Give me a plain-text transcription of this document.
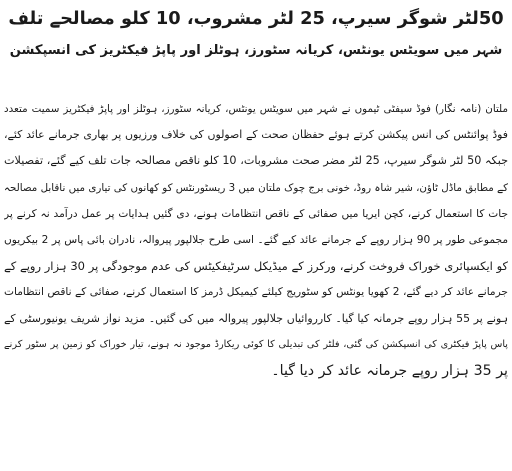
50لٹر شوگر سیرپ، 25 لٹر مشروب، 10 کلو مصالحے تلف
شہر میں سویٹس یونٹس، کریانہ سٹورز، ہوٹلز اور پاپڑ فیکٹریز کی انسپکشن
ملتان (نامہ نگار) فوڈ سیفٹی ٹیموں نے شہر میں سویٹس یونٹس، کریانہ سٹورز، ہوٹلز اور پاپڑ فیکٹریز سمیت متعدد
فوڈ پوائنٹس کی انس پیکشن کرتے ہوئے حفظان صحت کے اصولوں کی خلاف ورزیوں پر بھاری جرمانے عائد کئے،
جبکہ 50 لٹر شوگر سیرپ، 25 لٹر مضر صحت مشروبات، 10 کلو ناقص مصالحہ جات تلف کیے گئے، تفصیلات
کے مطابق ماڈل ٹاؤن، شیر شاہ روڈ، خونی برج چوک ملتان میں 3 ریسٹورنٹس کو کھانوں کی تیاری میں ناقابل مصالحہ
جات کا استعمال کرنے، کچن ایریا میں صفائی کے ناقص انتظامات ہونے، دی گئیں ہدایات پر عمل درآمد نہ کرنے پر
مجموعی طور پر 90 ہزار روپے کے جرمانے عائد کیے گئے۔ اسی طرح جلالپور پیروالہ، نادران بائی پاس پر 2 بیکریوں
کو ایکسپائری خوراک فروخت کرنے، ورکرز کے میڈیکل سرٹیفکیٹس کی عدم موجودگی پر 30 ہزار روپے کے
جرمانے عائد کر دیے گئے، 2 کھویا یونٹس کو سٹوریج کیلئے کیمیکل ڈرمز کا استعمال کرنے، صفائی کے ناقص انتظامات
ہونے پر 55 ہزار روپے جرمانہ کیا گیا۔ کارروائیاں جلالپور پیروالہ میں کی گئیں۔ مزید نواز شریف یونیورسٹی کے
پاس پاپڑ فیکٹری کی انسپکشن کی گئی، فلٹر کی تبدیلی کا کوئی ریکارڈ موجود نہ ہونے، تیار خوراک کو زمین پر سٹور کرنے
پر 35 ہزار روپے جرمانہ عائد کر دیا گیا۔
